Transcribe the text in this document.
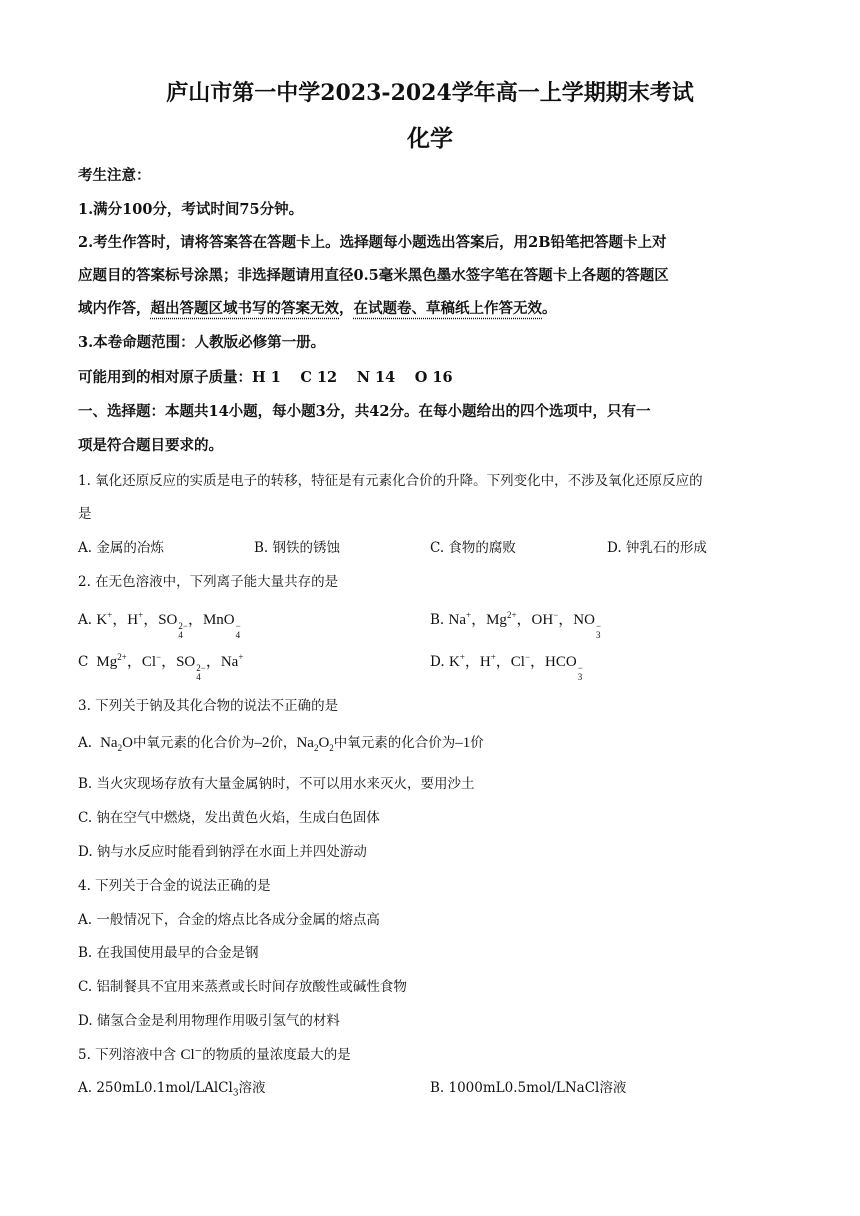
庐山市第一中学2023-2024学年高一上学期期末考试
化学
考生注意：
1.满分100分，考试时间75分钟。
2.考生作答时，请将答案答在答题卡上。选择题每小题选出答案后，用2B铅笔把答题卡上对
应题目的答案标号涂黑；非选择题请用直径0.5毫米黑色墨水签字笔在答题卡上各题的答题区
域内作答，超出答题区域书写的答案无效，在试题卷、草稿纸上作答无效。
3.本卷命题范围：人教版必修第一册。
可能用到的相对原子质量：H 1　 C 12　 N 14　 O 16
一、选择题：本题共14小题，每小题3分，共42分。在每小题给出的四个选项中，只有一
项是符合题目要求的。
1. 氧化还原反应的实质是电子的转移，特征是有元素化合价的升降。下列变化中，不涉及氧化还原反应的
是
A. 金属的冶炼	B. 钢铁的锈蚀	C. 食物的腐败	D. 钟乳石的形成
2. 在无色溶液中，下列离子能大量共存的是
A. K+，H+，SO 2−
4
，MnO −
4
B. Na+，$Mg^{2+}$，OH−，NO −
3
C  $Mg^{2+}$，Cl−，SO 2−
4
，Na+	D. K+，H+，Cl−，HCO −
3
3. 下列关于钠及其化合物的说法不正确的是
A.  $Na_2O$中氧元素的化合价为–2价，$Na_2O_2$中氧元素的化合价为–1价
B. 当火灾现场存放有大量金属钠时，不可以用水来灭火，要用沙土
C. 钠在空气中燃烧，发出黄色火焰，生成白色固体
D. 钠与水反应时能看到钠浮在水面上并四处游动
4. 下列关于合金的说法正确的是
A. 一般情况下，合金的熔点比各成分金属的熔点高
B. 在我国使用最早的合金是钢
C. 铝制餐具不宜用来蒸煮或长时间存放酸性或碱性食物
D. 储氢合金是利用物理作用吸引氢气的材料
5. 下列溶液中含 Cl−的物质的量浓度最大的是
A. 250mL0.1mol/LAlCl$_3$溶液	B. 1000mL0.5mol/LNaCl溶液
